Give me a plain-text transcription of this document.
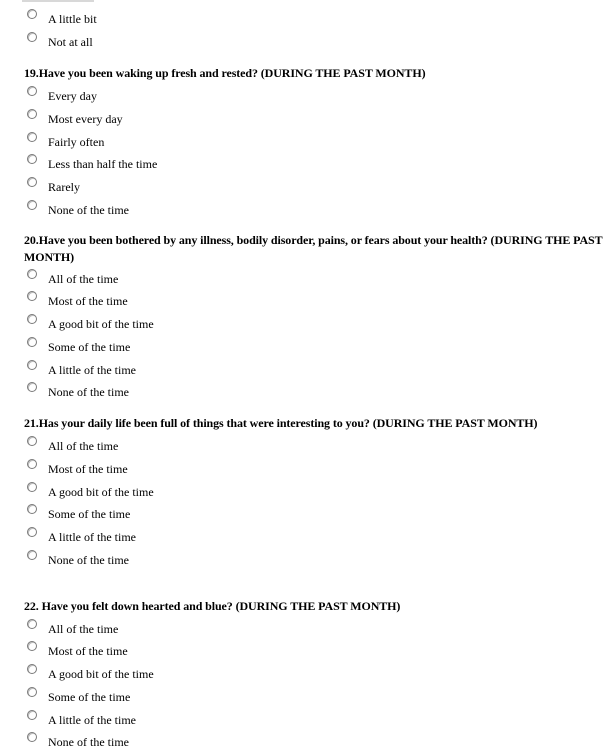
A little bit
Not at all
19.Have you been waking up fresh and rested? (DURING THE PAST MONTH)
Every day
Most every day
Fairly often
Less than half the time
Rarely
None of the time
20.Have you been bothered by any illness, bodily disorder, pains, or fears about your health? (DURING THE PAST MONTH)
All of the time
Most of the time
A good bit of the time
Some of the time
A little of the time
None of the time
21.Has your daily life been full of things that were interesting to you? (DURING THE PAST MONTH)
All of the time
Most of the time
A good bit of the time
Some of the time
A little of the time
None of the time
22. Have you felt down hearted and blue? (DURING THE PAST MONTH)
All of the time
Most of the time
A good bit of the time
Some of the time
A little of the time
None of the time
